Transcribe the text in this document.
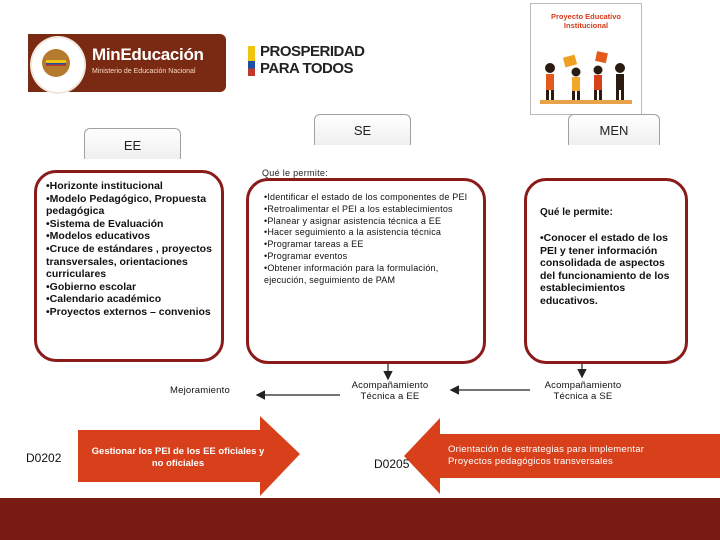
MinEducación
Ministerio de Educación Nacional
PROSPERIDAD
PARA TODOS
Proyecto Educativo
Institucional
EE
SE	MEN
Qué le permite:
•Horizonte institucional
•Modelo Pedagógico, Propuesta pedagógica
•Sistema de Evaluación
•Modelos educativos
•Cruce de estándares , proyectos transversales, orientaciones curriculares
•Gobierno escolar
•Calendario académico
•Proyectos externos – convenios
•Identificar el estado de los componentes de PEI
•Retroalimentar el PEI a los establecimientos
•Planear y asignar asistencia técnica a EE
•Hacer seguimiento a la asistencia técnica
•Programar tareas a EE
•Programar eventos
•Obtener información para la formulación, ejecución, seguimiento de PAM
Qué le permite:
•Conocer el estado de los PEI y tener información consolidada de aspectos del funcionamiento de los establecimientos educativos.
Mejoramiento	Acompañamiento Técnica a EE
Acompañamiento Técnica a SE
D0202	Gestionar los PEI de los EE oficiales y no oficiales	D0205
Orientación de estrategias para implementar Proyectos pedagógicos transversales
